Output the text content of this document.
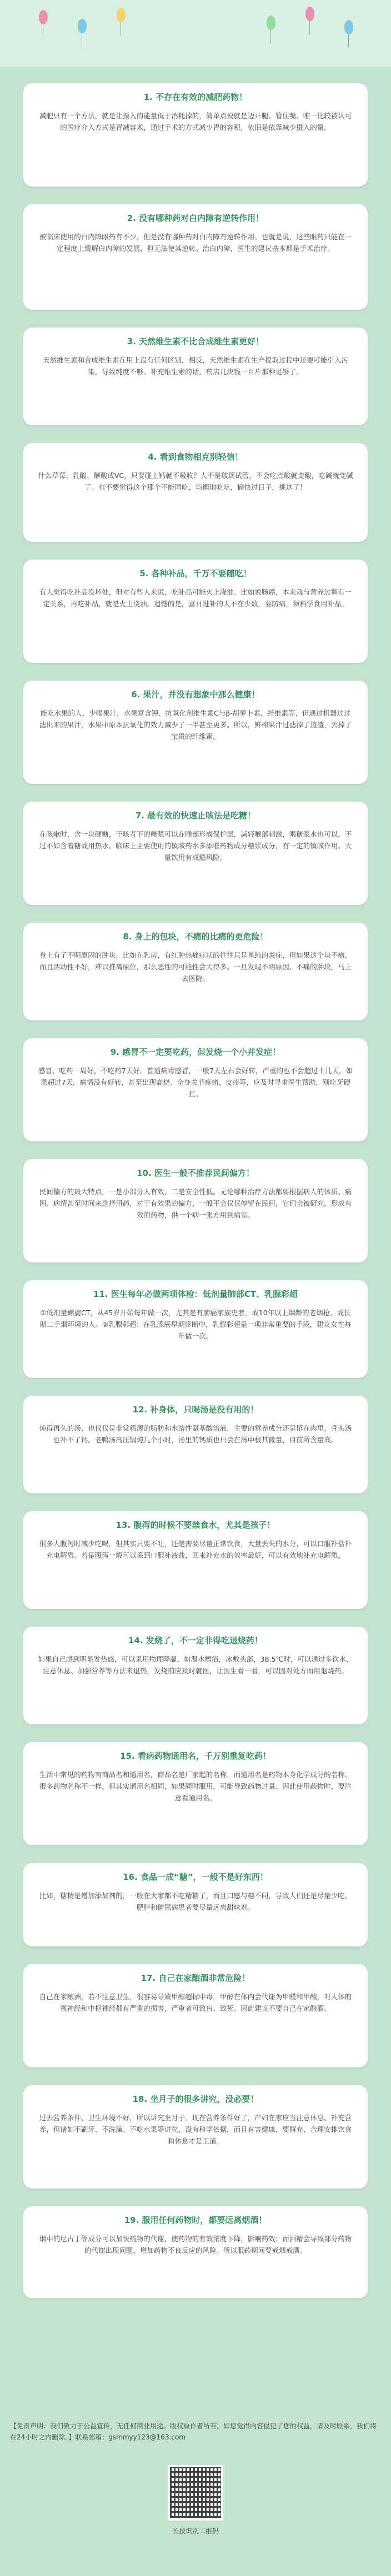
1. 不存在有效的减肥药物！

减肥只有一个方法，就是让摄入的能量低于消耗掉的，简单点说就是迈开腿、管住嘴。唯一比较被认可的医疗介入方式是胃减容术，通过手术的方式减少胃的容积，依旧是依靠减少摄入的量。

2. 没有哪种药对白内障有逆转作用！

被临床使用的白内障眼药有不少，但是没有哪种药对白内障有逆转作用。也就是说，这些眼药只能在一定程度上缓解白内障的发展，但无法使其逆转。治白内障，医生的建议基本都是手术治疗。

3. 天然维生素不比合成维生素更好！

天然维生素和合成维生素在用上没有任何区别，相反，天然维生素在生产提取过程中还要可能引入污染，导致纯度不够。补充维生素的话，药店几块钱一百片那种足够了。

4. 看到食物相克别轻信！

什么草莓、乳酸、酵酸或VC，只要碰上钙就不吸收？人不是玻璃试管，不会吃点酸就变酸，吃碱就变碱了。也不要觉得这个那个不能同吃，均衡地吃吃，愉快过日子，挑这了！

5. 各种补品，千万不要随吃！

有人觉得吃补品没坏处，但对有些人来说，吃补品可能火上浇油。比如说肠癌，本来就与营养过剩有一定关系，再吃补品，就是火上浇油。遗憾的是，富日进补的人不在少数，要防病，须科学食用补品。

6. 果汁，并没有想象中那么健康！

能吃水果的人，少喝果汁，水果富含钾、抗氧化剂维生素C与β-胡萝卜素、纤维素等，但通过机器过过滤出来的果汁，水果中原本抗氧化的效力减少了一半甚至更多。所以，鲜榨果汁过滤掉了渣渣，丢掉了宝贵的纤维素。

7. 最有效的快速止咳法是吃糖！

在咳嗽时，含一块硬糖，干咳者下的糖浆可以在喉部形成保护层，减轻喉部刺激，喝糖浆水也可以，不过不如含着糖或用热水。临床上主要使用的镇咳药水多添着药物成分糖浆成分，有一定的镇咳作用。大量饮用有成瘾风险。

8. 身上的包块，不痛的比痛的更危险！

身上有了不明原因的肿块，比如在乳房，有红肿热痛症状的往往只是单纯的炎症，但如果这个块不痛，而且活动性不好，难以推离原位，那么恶性的可能性会大得多。一旦发现不明原因、不痛的肿块，马上去医院。

9. 感冒不一定要吃药，但发烧一个小并发症！

感冒，吃药一周好，不吃药7天好。普通病毒感冒，一般7天左右会好转，严重的也不会超过十几天，如果超过7天，病情没有好转，甚至出现高烧、全身关节疼痛、皮疹等，应及时寻求医生帮助，别吃牙硬扛。

10. 医生一般不推荐民间偏方！

民间偏方的最大特点，一是小部分人有效，二是安全性低。无论哪种治疗方法都要根据病人的体质、病因、病情甚至时间来选择用药，对于有效果的偏方，一般不会仅仅停留在民间，它们会被研究，形成有效的药物，供一个病一张方用到病室。

11. 医生每年必做两项体检：低剂量肺部CT、乳腺彩超

①低剂量螺旋CT，从45岁开始每年做一次，尤其是有肺癌家族史者，或10年以上烟龄的老烟枪，或长期二手烟环境的人。②乳腺彩超：在乳腺癌早期诊断中，乳腺彩超是一项非常重要的手段，建议女性每年做一次。

12. 补身体，只喝汤是没有用的！

炖得再久的汤，也仅仅是非常稀薄的脂肪和水溶性氨基酸溶液，主要的营养成分还是留在肉里，骨头汤也补不了钙。老鸭汤高压锅炖几个小时，汤里的钙质也只会在汤中极其微量，目前所含量高。

13. 腹泻的时候不要禁食水，尤其是孩子！

很多人腹泻时减少吃喝，但其实只要不吐，还是需要尽量正常饮食，大量丢失的水分，可以口服补盐补充电解质。若是腹泻一般可以采到口服补液盐，回来补充水的效率最好，可以有效地补充电解质。

14. 发烧了，不一定非得吃退烧药！

如果自己感到明显发热感，可以采用物理降温，如温水擦浴，冰敷头部，38.5℃时，可以通过多饮水、注意休息、加强营养等方法来退热，发烧前应及时就医，让医生看一看，可以因对处方而用退烧药。

15. 看病药物通用名，千万别重复吃药！

生活中常见的药物有商品名和通用名，商品名是厂家起的名称，而通用名是药物本身化学成分的名称。很多药物名称不一样，但其实通用名相同，如果同时服用，可能导致药物过量。因此使用药物时，要注意看通用名。

16. 食品一成“糖”，一般不是好东西！

比如，糖精是增加添加剂的，一般在大家都不吃精糖了，而且口感与糖不同，导致人们还是尽量少吃，肥胖和糖尿病患者要尽量远离甜味剂。

17. 自己在家酿酒非常危险！

自己在家酿酒，若不注意卫生，很容易导致甲醇超标中毒，甲醇在体内会代谢为甲醛和甲酸，对人体的视神经和中枢神经都有严重的损害，严重者可致盲、致死。因此建议不要自己在家酿酒。

18. 坐月子的很多讲究，没必要！

过去营养条件、卫生环境不好，所以讲究坐月子。现在营养条件好了，产妇在家应当注意休息、补充营养，但诸如不刷牙、不洗澡、不吃水果等讲究，没有科学依据，而且有害健康，要摒弃，合理安排饮食和休息才是王道。

19. 服用任何药物时，都要远离烟酒！

烟中的尼古丁等成分可以加快药物的代谢，使药物的有效浓度下降，影响药效；而酒精会导致部分药物的代谢出现问题，增加药物不良反应的风险。所以服药期间要戒烟戒酒。

【免责声明：我们致力于公益宣传，无任何商业用途。版权原作者所有，如您觉得内容侵犯了您的权益，请及时联系，我们将在24小时之内删除。】联系邮箱：gsmmyy123@163.com

长按识别二维码
